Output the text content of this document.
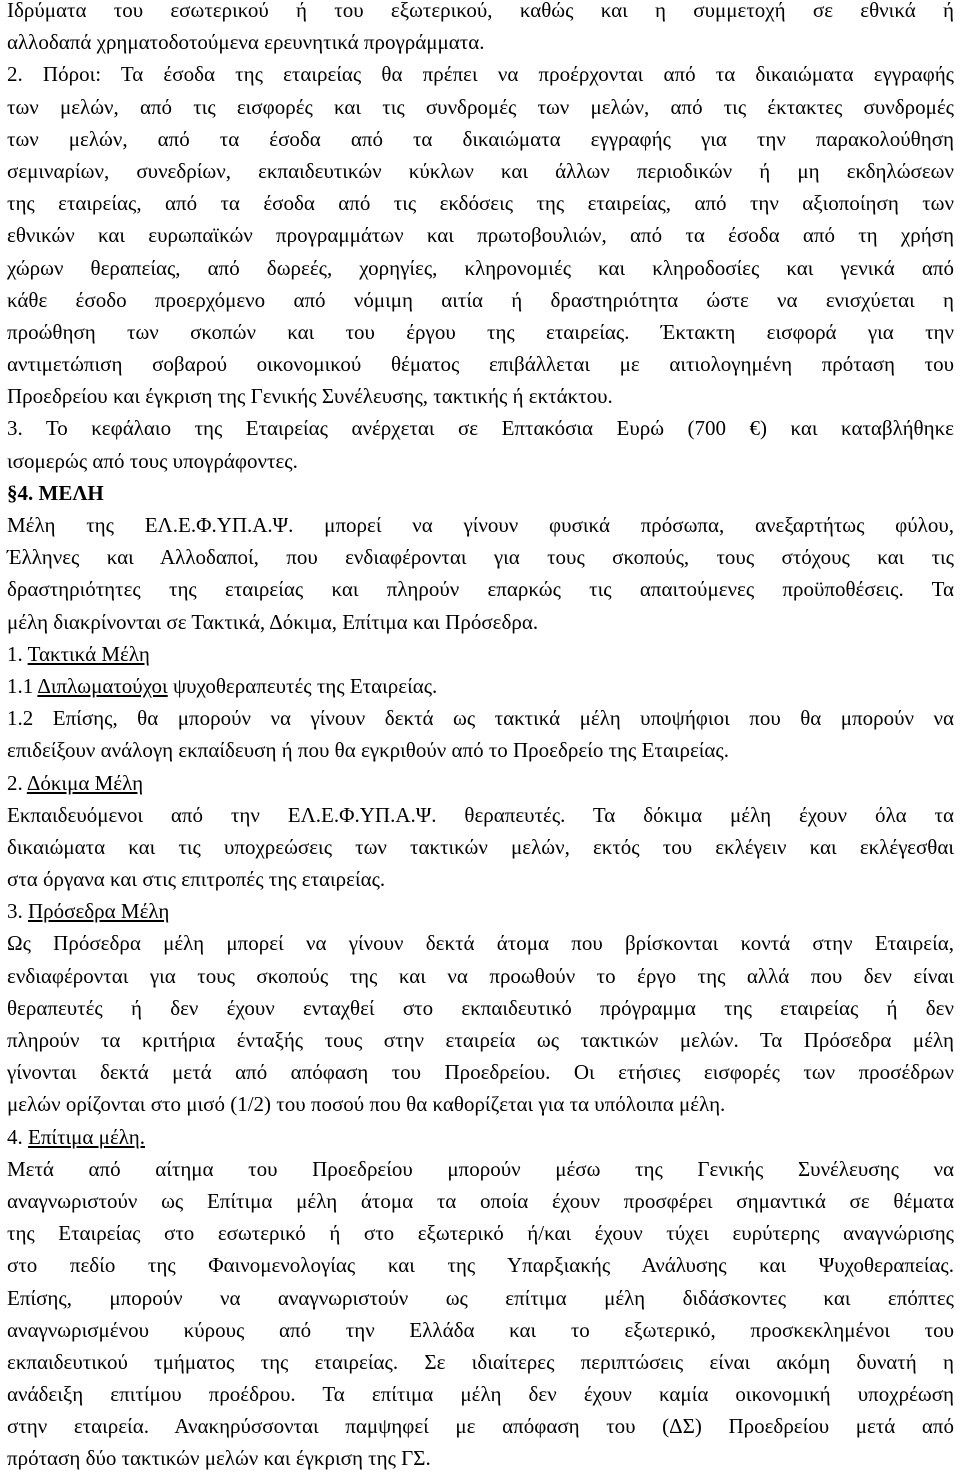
Ιδρύματα του εσωτερικού ή του εξωτερικού, καθώς και η συμμετοχή σε εθνικά ή
αλλοδαπά χρηματοδοτούμενα ερευνητικά προγράμματα.
2. Πόροι: Τα έσοδα της εταιρείας θα πρέπει να προέρχονται από τα δικαιώματα εγγραφής
των μελών, από τις εισφορές και τις συνδρομές των μελών, από τις έκτακτες συνδρομές
των μελών, από τα έσοδα από τα δικαιώματα εγγραφής για την παρακολούθηση
σεμιναρίων, συνεδρίων, εκπαιδευτικών κύκλων και άλλων περιοδικών ή μη εκδηλώσεων
της εταιρείας, από τα έσοδα από τις εκδόσεις της εταιρείας, από την αξιοποίηση των
εθνικών και ευρωπαϊκών προγραμμάτων και πρωτοβουλιών, από τα έσοδα από τη χρήση
χώρων θεραπείας, από δωρεές, χορηγίες, κληρονομιές και κληροδοσίες και γενικά από
κάθε έσοδο προερχόμενο από νόμιμη αιτία ή δραστηριότητα ώστε να ενισχύεται η
προώθηση των σκοπών και του έργου της εταιρείας. Έκτακτη εισφορά για την
αντιμετώπιση σοβαρού οικονομικού θέματος επιβάλλεται με αιτιολογημένη πρόταση του
Προεδρείου και έγκριση της Γενικής Συνέλευσης, τακτικής ή εκτάκτου.
3. Το κεφάλαιο της Εταιρείας ανέρχεται σε Επτακόσια Ευρώ (700 €) και καταβλήθηκε
ισομερώς από τους υπογράφοντες.
§4. ΜΕΛΗ
Μέλη της ΕΛ.Ε.Φ.ΥΠ.Α.Ψ. μπορεί να γίνουν φυσικά πρόσωπα, ανεξαρτήτως φύλου,
Έλληνες και Αλλοδαποί, που ενδιαφέρονται για τους σκοπούς, τους στόχους και τις
δραστηριότητες της εταιρείας και πληρούν επαρκώς τις απαιτούμενες προϋποθέσεις. Τα
μέλη διακρίνονται σε Τακτικά, Δόκιμα, Επίτιμα και Πρόσεδρα.
1. Τακτικά Μέλη
1.1 Διπλωματούχοι ψυχοθεραπευτές της Εταιρείας.
1.2 Επίσης, θα μπορούν να γίνουν δεκτά ως τακτικά μέλη υποψήφιοι που θα μπορούν να
επιδείξουν ανάλογη εκπαίδευση ή που θα εγκριθούν από το Προεδρείο της Εταιρείας.
2. Δόκιμα Μέλη
Εκπαιδευόμενοι από την ΕΛ.Ε.Φ.ΥΠ.Α.Ψ. θεραπευτές. Τα δόκιμα μέλη έχουν όλα τα
δικαιώματα και τις υποχρεώσεις των τακτικών μελών, εκτός του εκλέγειν και εκλέγεσθαι
στα όργανα και στις επιτροπές της εταιρείας.
3. Πρόσεδρα Μέλη
Ως Πρόσεδρα μέλη μπορεί να γίνουν δεκτά άτομα που βρίσκονται κοντά στην Εταιρεία,
ενδιαφέρονται για τους σκοπούς της και να προωθούν το έργο της αλλά που δεν είναι
θεραπευτές ή δεν έχουν ενταχθεί στο εκπαιδευτικό πρόγραμμα της εταιρείας ή δεν
πληρούν τα κριτήρια ένταξής τους στην εταιρεία ως τακτικών μελών. Τα Πρόσεδρα μέλη
γίνονται δεκτά μετά από απόφαση του Προεδρείου. Οι ετήσιες εισφορές των προσέδρων
μελών ορίζονται στο μισό (1/2) του ποσού που θα καθορίζεται για τα υπόλοιπα μέλη.
4. Επίτιμα μέλη.
Μετά από αίτημα του Προεδρείου μπορούν μέσω της Γενικής Συνέλευσης να
αναγνωριστούν ως Επίτιμα μέλη άτομα τα οποία έχουν προσφέρει σημαντικά σε θέματα
της Εταιρείας στο εσωτερικό ή στο εξωτερικό ή/και έχουν τύχει ευρύτερης αναγνώρισης
στο πεδίο της Φαινομενολογίας και της Υπαρξιακής Ανάλυσης και Ψυχοθεραπείας.
Επίσης, μπορούν να αναγνωριστούν ως επίτιμα μέλη διδάσκοντες και επόπτες
αναγνωρισμένου κύρους από την Ελλάδα και το εξωτερικό, προσκεκλημένοι του
εκπαιδευτικού τμήματος της εταιρείας. Σε ιδιαίτερες περιπτώσεις είναι ακόμη δυνατή η
ανάδειξη επιτίμου προέδρου. Τα επίτιμα μέλη δεν έχουν καμία οικονομική υποχρέωση
στην εταιρεία. Ανακηρύσσονται παμψηφεί με απόφαση του (ΔΣ) Προεδρείου μετά από
πρόταση δύο τακτικών μελών και έγκριση της ΓΣ.
